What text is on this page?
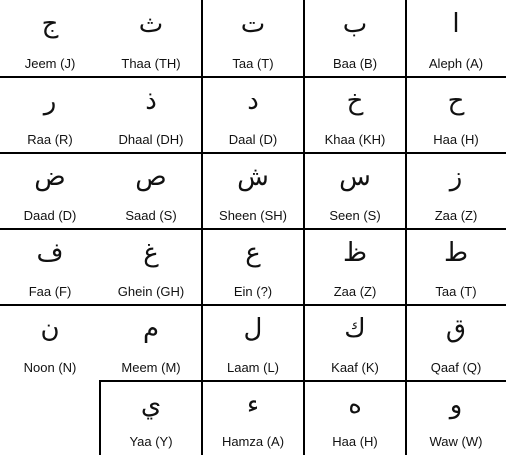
ج
Jeem (J)
ث
Thaa (TH)
ت
Taa (T)
ب
Baa (B)
ا
Aleph (A)
ر
Raa (R)
ذ
Dhaal (DH)
د
Daal (D)
خ
Khaa (KH)
ح
Haa (H)
ض
Daad (D)
ص
Saad (S)
ش
Sheen (SH)
س
Seen (S)
ز
Zaa (Z)
ف
Faa (F)
غ
Ghein (GH)
ع
Ein (?)
ظ
Zaa (Z)
ط
Taa (T)
ن
Noon (N)
م
Meem (M)
ل
Laam (L)
ك
Kaaf (K)
ق
Qaaf (Q)
ي
Yaa (Y)
ء
Hamza (A)
ه
Haa (H)
و
Waw (W)
